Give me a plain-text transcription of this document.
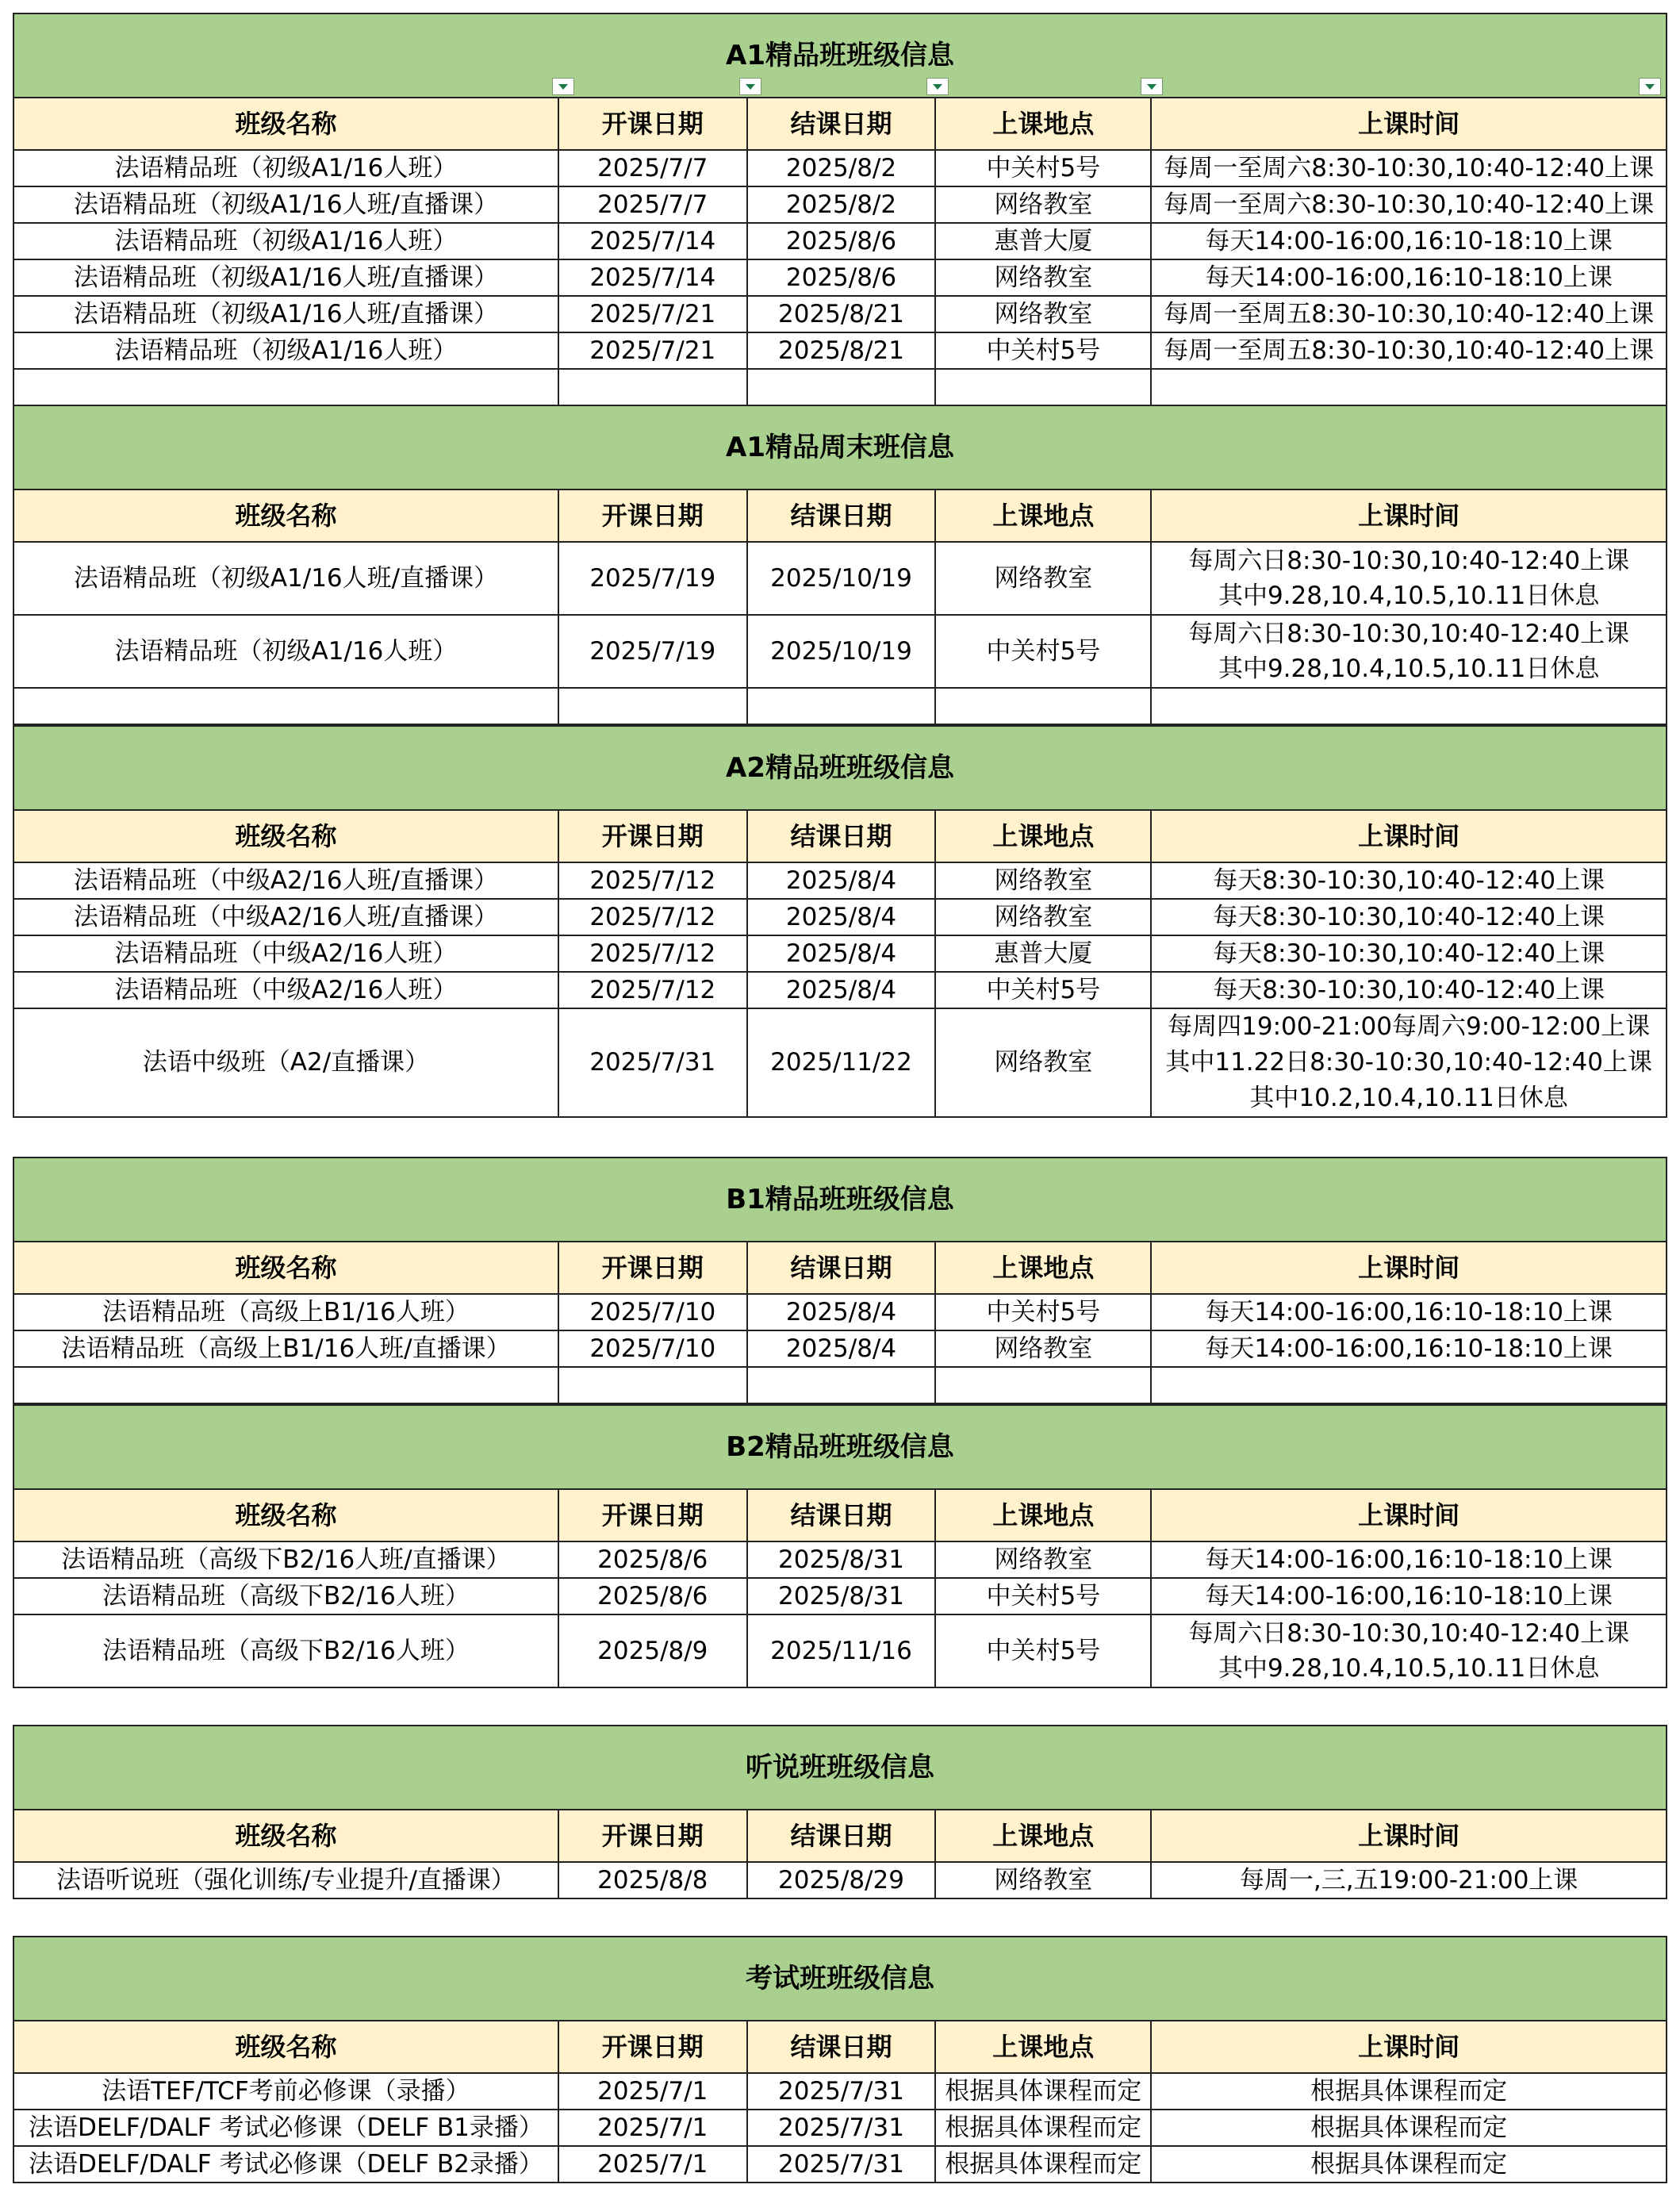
A1精品班班级信息				

班级名称	开课日期	结课日期	上课地点	上课时间
法语精品班（初级A1/16人班）	2025/7/7	2025/8/2	中关村5号	每周一至周六8:30-10:30,10:40-12:40上课
法语精品班（初级A1/16人班/直播课）	2025/7/7	2025/8/2	网络教室	每周一至周六8:30-10:30,10:40-12:40上课
法语精品班（初级A1/16人班）	2025/7/14	2025/8/6	惠普大厦	每天14:00-16:00,16:10-18:10上课
法语精品班（初级A1/16人班/直播课）	2025/7/14	2025/8/6	网络教室	每天14:00-16:00,16:10-18:10上课
法语精品班（初级A1/16人班/直播课）	2025/7/21	2025/8/21	网络教室	每周一至周五8:30-10:30,10:40-12:40上课
法语精品班（初级A1/16人班）	2025/7/21	2025/8/21	中关村5号	每周一至周五8:30-10:30,10:40-12:40上课

A1精品周末班信息				
班级名称	开课日期	结课日期	上课地点	上课时间
法语精品班（初级A1/16人班/直播课）	2025/7/19	2025/10/19	网络教室	每周六日8:30-10:30,10:40-12:40上课
其中9.28,10.4,10.5,10.11日休息

法语精品班（初级A1/16人班）	2025/7/19	2025/10/19	中关村5号	每周六日8:30-10:30,10:40-12:40上课
其中9.28,10.4,10.5,10.11日休息

A2精品班班级信息				
班级名称	开课日期	结课日期	上课地点	上课时间
法语精品班（中级A2/16人班/直播课）	2025/7/12	2025/8/4	网络教室	每天8:30-10:30,10:40-12:40上课
法语精品班（中级A2/16人班/直播课）	2025/7/12	2025/8/4	网络教室	每天8:30-10:30,10:40-12:40上课
法语精品班（中级A2/16人班）	2025/7/12	2025/8/4	惠普大厦	每天8:30-10:30,10:40-12:40上课
法语精品班（中级A2/16人班）	2025/7/12	2025/8/4	中关村5号	每天8:30-10:30,10:40-12:40上课
法语中级班（A2/直播课）	2025/7/31	2025/11/22	网络教室	每周四19:00-21:00每周六9:00-12:00上课
其中11.22日8:30-10:30,10:40-12:40上课
其中10.2,10.4,10.11日休息
B1精品班班级信息				
班级名称	开课日期	结课日期	上课地点	上课时间
法语精品班（高级上B1/16人班）	2025/7/10	2025/8/4	中关村5号	每天14:00-16:00,16:10-18:10上课
法语精品班（高级上B1/16人班/直播课）	2025/7/10	2025/8/4	网络教室	每天14:00-16:00,16:10-18:10上课

B2精品班班级信息				
班级名称	开课日期	结课日期	上课地点	上课时间
法语精品班（高级下B2/16人班/直播课）	2025/8/6	2025/8/31	网络教室	每天14:00-16:00,16:10-18:10上课
法语精品班（高级下B2/16人班）	2025/8/6	2025/8/31	中关村5号	每天14:00-16:00,16:10-18:10上课
法语精品班（高级下B2/16人班）	2025/8/9	2025/11/16	中关村5号	每周六日8:30-10:30,10:40-12:40上课
其中9.28,10.4,10.5,10.11日休息
听说班班级信息				
班级名称	开课日期	结课日期	上课地点	上课时间
法语听说班（强化训练/专业提升/直播课）	2025/8/8	2025/8/29	网络教室	每周一,三,五19:00-21:00上课
考试班班级信息				
班级名称	开课日期	结课日期	上课地点	上课时间
法语TEF/TCF考前必修课（录播）	2025/7/1	2025/7/31	根据具体课程而定	根据具体课程而定
法语DELF/DALF 考试必修课（DELF B1录播）	2025/7/1	2025/7/31	根据具体课程而定	根据具体课程而定
法语DELF/DALF 考试必修课（DELF B2录播）	2025/7/1	2025/7/31	根据具体课程而定	根据具体课程而定
